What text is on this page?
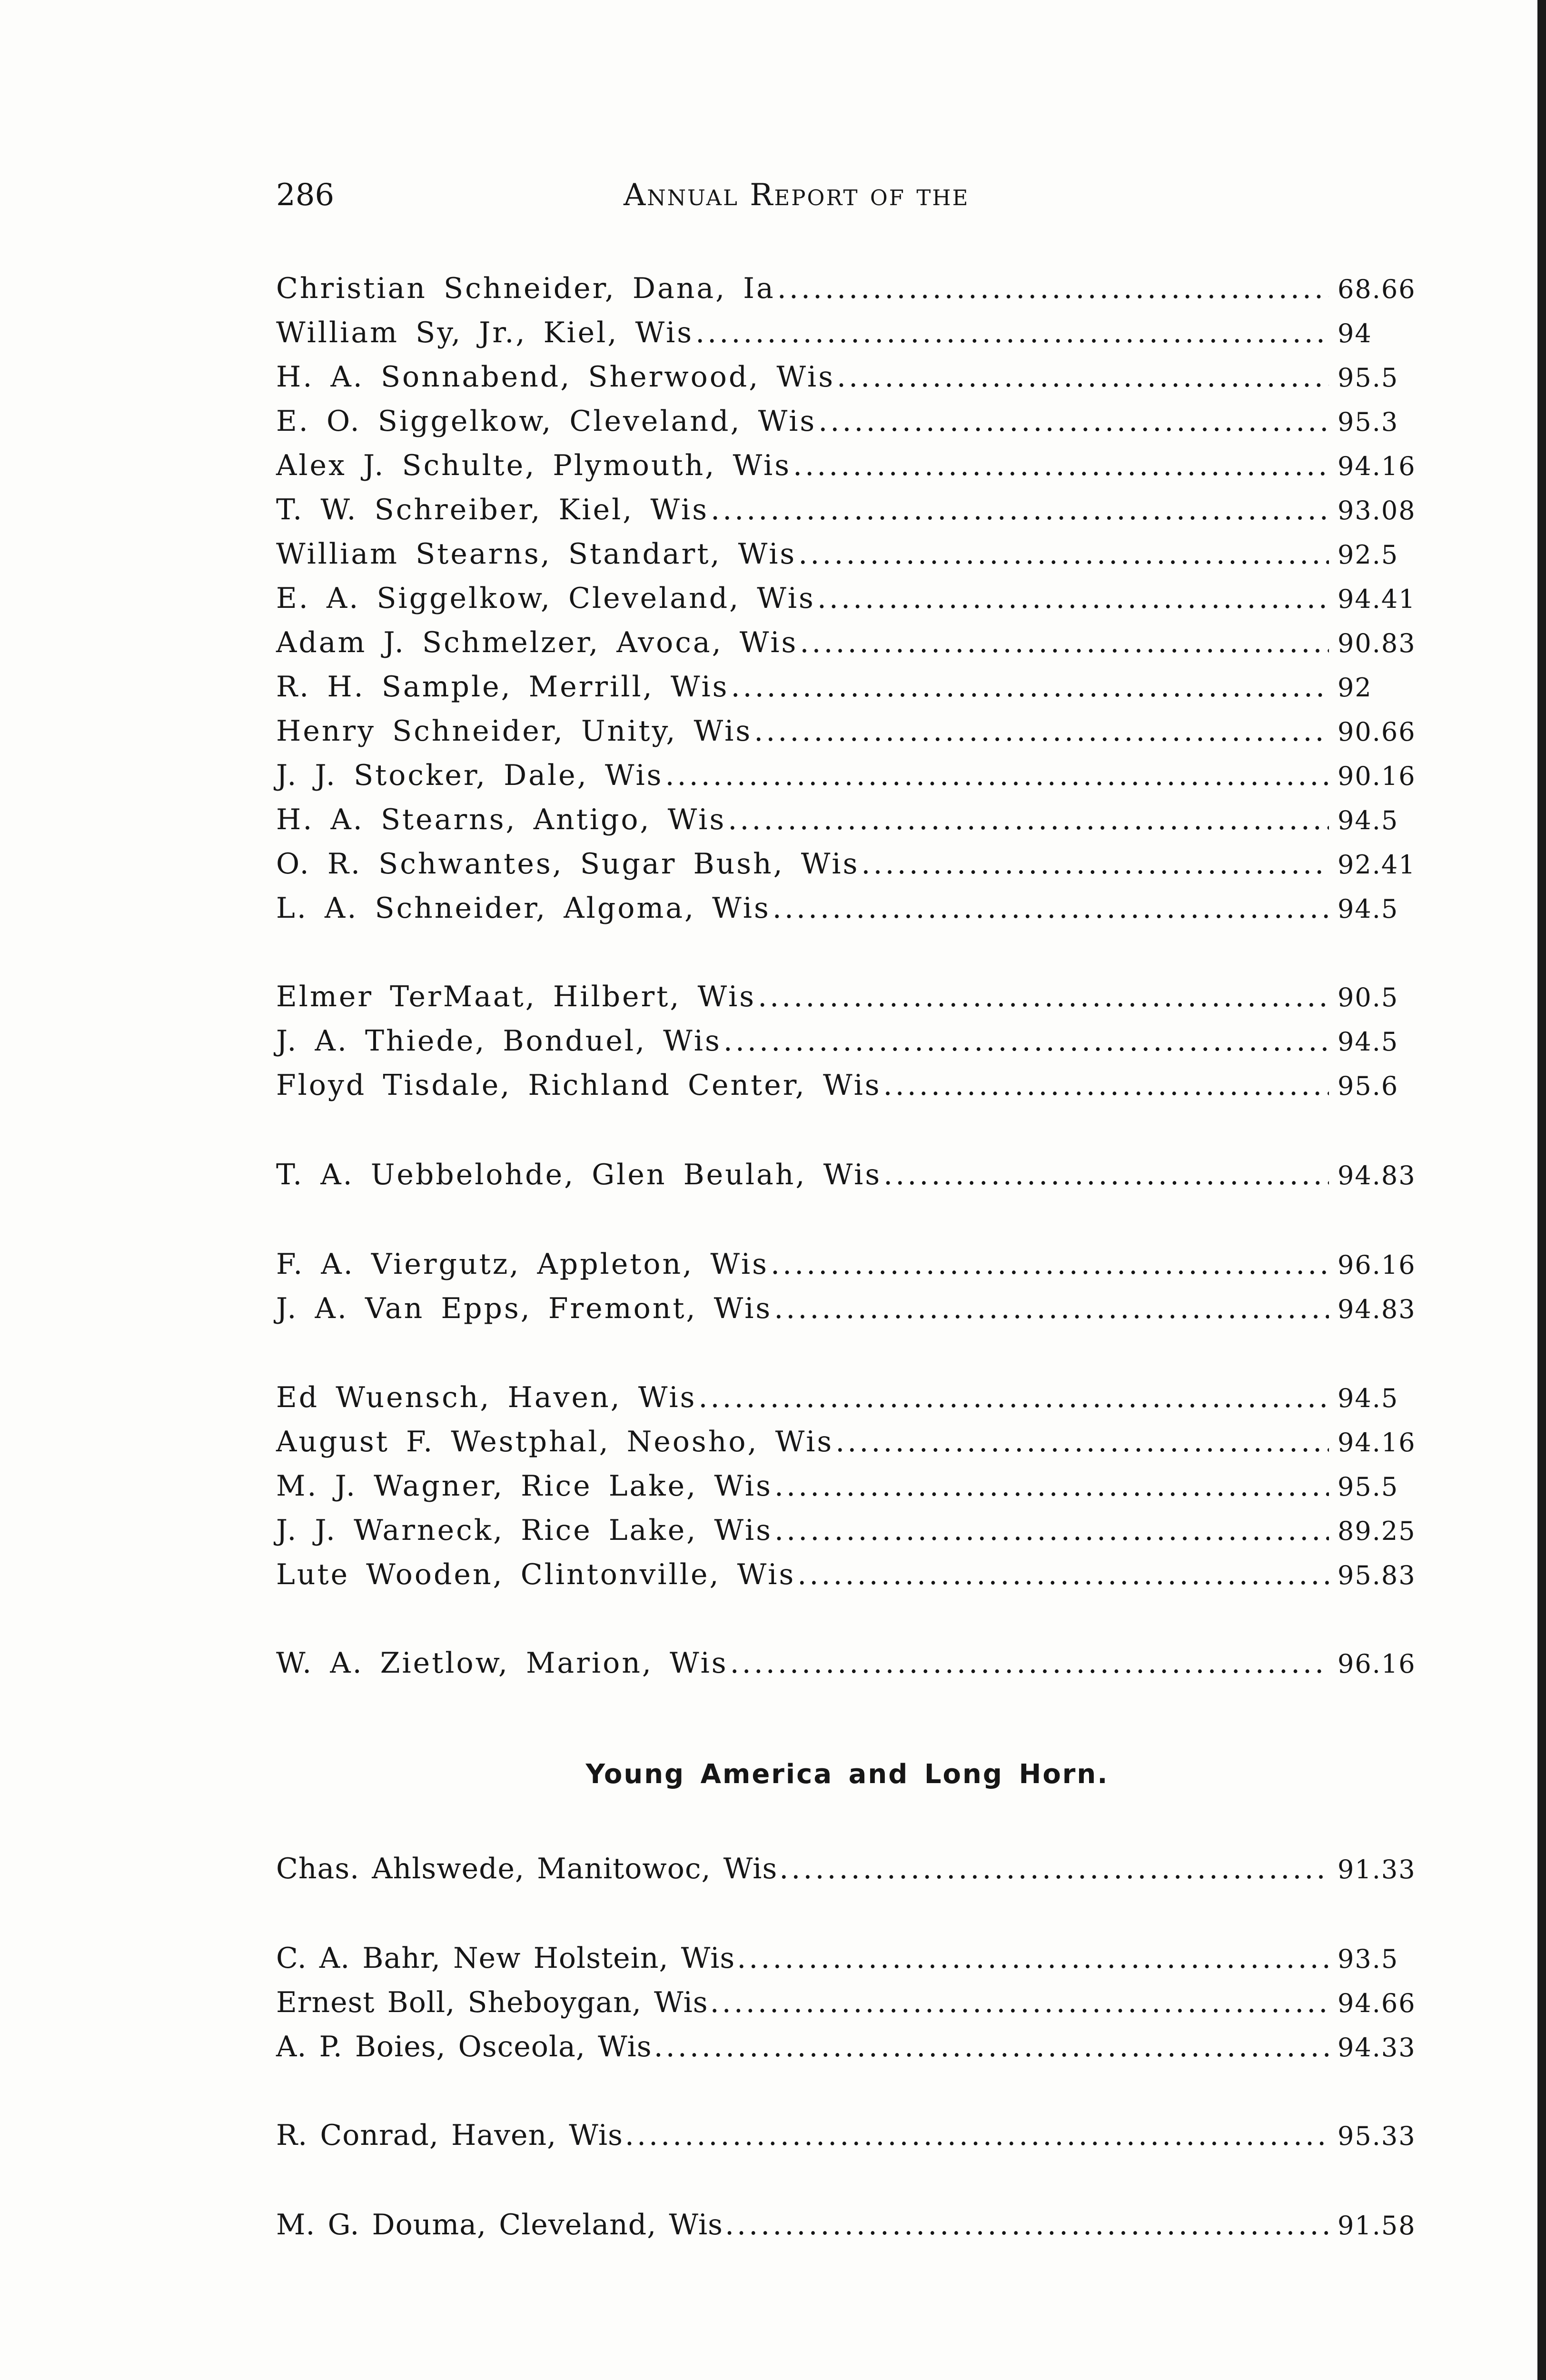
286	Annual Report of the
Christian Schneider, Dana, Ia .....	68.66
William Sy, Jr., Kiel, Wis .....	94
H. A. Sonnabend, Sherwood, Wis .....	95.5
E. O. Siggelkow, Cleveland, Wis .....	95.3
Alex J. Schulte, Plymouth, Wis .....	94.16
T. W. Schreiber, Kiel, Wis .....	93.08
William Stearns, Standart, Wis .....	92.5
E. A. Siggelkow, Cleveland, Wis .....	94.41
Adam J. Schmelzer, Avoca, Wis .....	90.83
R. H. Sample, Merrill, Wis .....	92
Henry Schneider, Unity, Wis .....	90.66
J. J. Stocker, Dale, Wis .....	90.16
H. A. Stearns, Antigo, Wis .....	94.5
O. R. Schwantes, Sugar Bush, Wis .....	92.41
L. A. Schneider, Algoma, Wis .....	94.5
Elmer TerMaat, Hilbert, Wis .....	90.5
J. A. Thiede, Bonduel, Wis .....	94.5
Floyd Tisdale, Richland Center, Wis .....	95.6
T. A. Uebbelohde, Glen Beulah, Wis .....	94.83
F. A. Viergutz, Appleton, Wis .....	96.16
J. A. Van Epps, Fremont, Wis .....	94.83
Ed Wuensch, Haven, Wis .....	94.5
August F. Westphal, Neosho, Wis .....	94.16
M. J. Wagner, Rice Lake, Wis .....	95.5
J. J. Warneck, Rice Lake, Wis .....	89.25
Lute Wooden, Clintonville, Wis .....	95.83
W. A. Zietlow, Marion, Wis .....	96.16
Young America and Long Horn.
Chas. Ahlswede, Manitowoc, Wis .....	91.33
C. A. Bahr, New Holstein, Wis .....	93.5
Ernest Boll, Sheboygan, Wis .....	94.66
A. P. Boies, Osceola, Wis .....	94.33
R. Conrad, Haven, Wis .....	95.33
M. G. Douma, Cleveland, Wis .....	91.58
